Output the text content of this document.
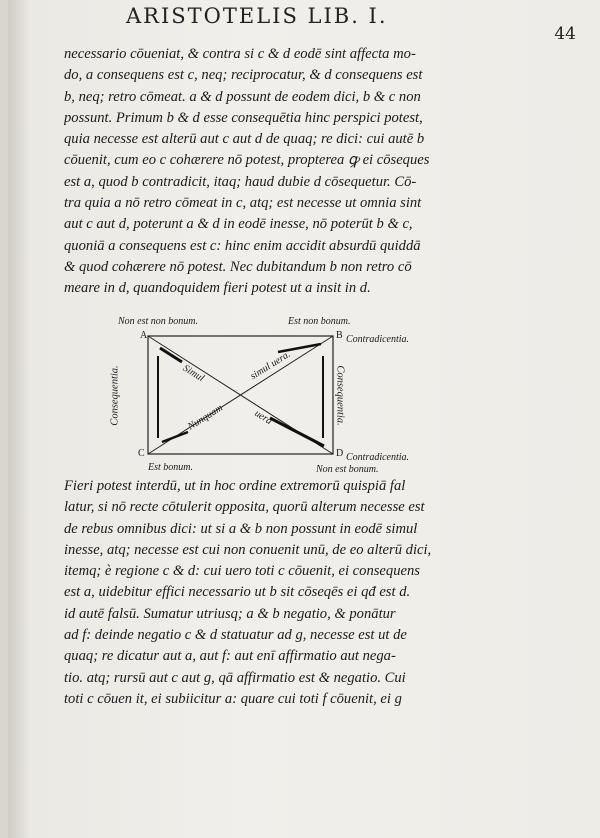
ARISTOTELIS LIB. I.
44
necessario cōueniat, & contra si c & d eodē sint affecta mo-
do, a consequens est c, neq; reciprocatur, & d consequens est
b, neq; retro cōmeat. a & d possunt de eodem dici, b & c non
possunt. Primum b & d esse consequētia hinc perspici potest,
quia necesse est alterū aut c aut d de quaq; re dici: cui autē b
cōuenit, cum eo c cohærere nō potest, propterea ꝙ ei cōseques
est a, quod b contradicit, itaq; haud dubie d cōsequetur. Cō-
tra quia a nō retro cōmeat in c, atq; est necesse ut omnia sint
aut c aut d, poterunt a & d in eodē inesse, nō poterūt b & c,
quoniā a consequens est c: hinc enim accidit absurdū quiddā
& quod cohærere nō potest. Nec dubitandum b non retro cō
meare in d, quandoquidem fieri potest ut a insit in d.
Non est non bonum.	Est non bonum.
A	B
C	D
Contradicentia.
Contradicentia.
Est bonum.	Non est bonum.
Consequentia.	Consequentia.
Simul	simul uera.
Nunquam	uera
Fieri potest interdū, ut in hoc ordine extremorū quispiā fal
latur, si nō recte cōtulerit opposita, quorū alterum necesse est
de rebus omnibus dici: ut si a & b non possunt in eodē simul
inesse, atq; necesse est cui non conuenit unū, de eo alterū dici,
itemq; è regione c & d: cui uero toti c cōuenit, ei consequens
est a, uidebitur effici necessario ut b sit cōseqēs ei qđ est d.
id autē falsū. Sumatur utriusq; a & b negatio, & ponātur
ad f: deinde negatio c & d statuatur ad g, necesse est ut de
quaq; re dicatur aut a, aut f: aut enī affirmatio aut nega-
tio. atq; rursū aut c aut g, qā affirmatio est & negatio. Cui
toti c cōuen it, ei subiicitur a: quare cui toti f cōuenit, ei g
